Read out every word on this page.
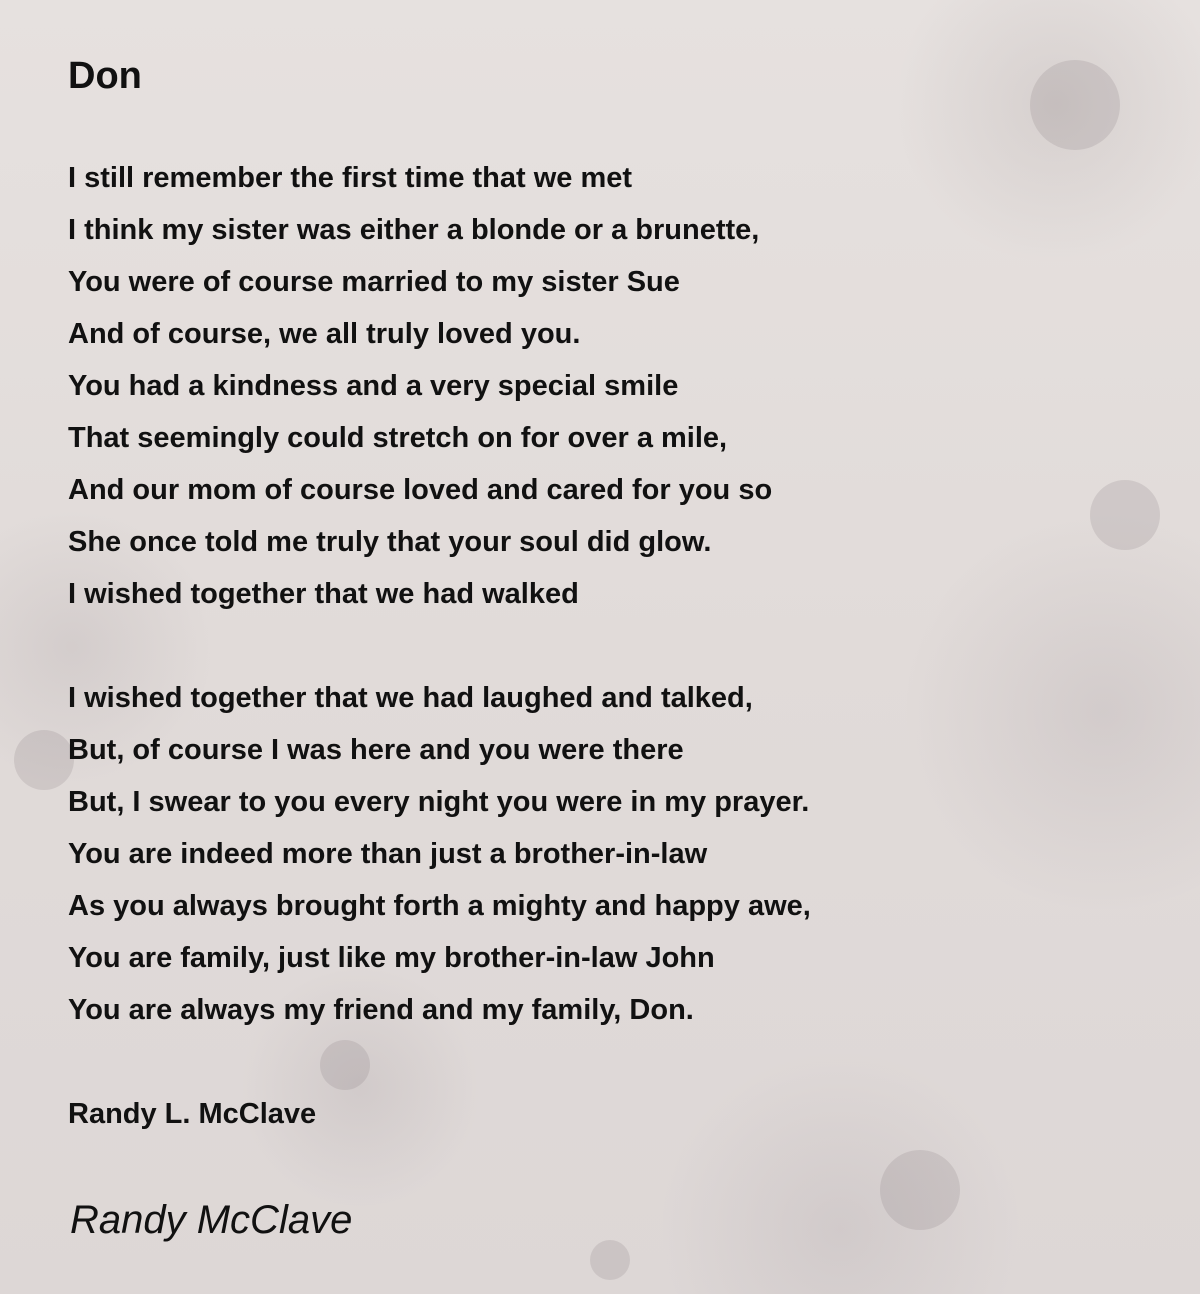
Don
I still remember the first time that we met
I think my sister was either a blonde or a brunette,
You were of course married to my sister Sue
And of course, we all truly loved you.
You had a kindness and a very special smile
That seemingly could stretch on for over a mile,
And our mom of course loved and cared for you so
She once told me truly that your soul did glow.
I wished together that we had walked
I wished together that we had laughed and talked,
But, of course I was here and you were there
But, I swear to you every night you were in my prayer.
You are indeed more than just a brother-in-law
As you always brought forth a mighty and happy awe,
You are family, just like my brother-in-law John
You are always my friend and my family, Don.
Randy L. McClave
Randy McClave
